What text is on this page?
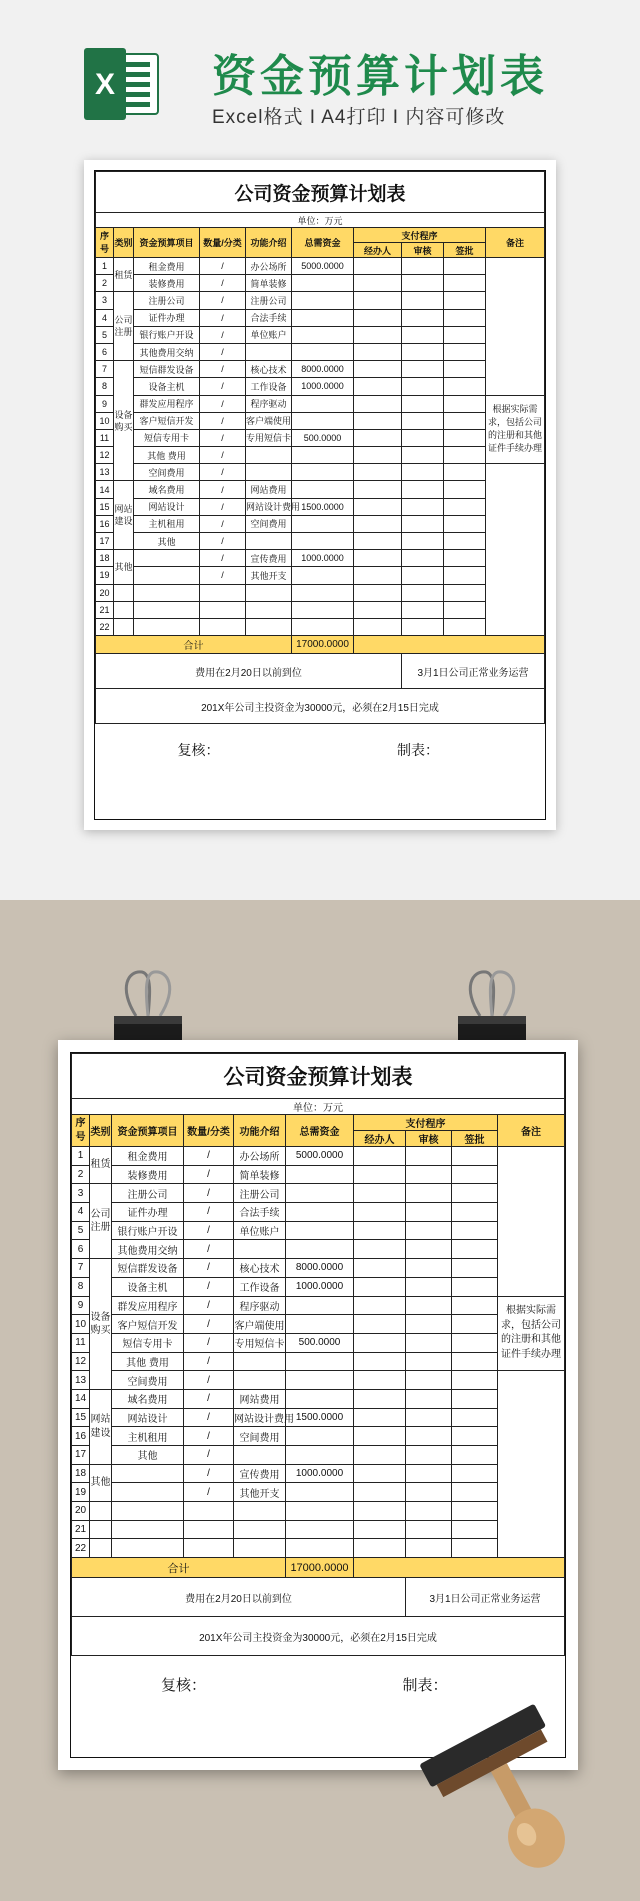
X 资金预算计划表
Excel格式 I A4打印 I 内容可修改
公司资金预算计划表									
单位：万元									
序号	类别	资金预算项目	数量/分类	功能介绍	总需资金	支付程序			备注
						经办人	审核	签批	
1	租赁	租金费用	/	办公场所	5000.0000				
2		装修费用	/	简单装修					
3	公司注册	注册公司	/	注册公司					
4		证件办理	/	合法手续					
5		银行账户开设	/	单位账户					
6		其他费用交纳	/						
7	设备购买	短信群发设备	/	核心技术	8000.0000				
8		设备主机	/	工作设备	1000.0000				
9		群发应用程序	/	程序驱动					根据实际需求，包括公司的注册和其他证件手续办理
10		客户短信开发	/	客户端使用					
11		短信专用卡	/	专用短信卡	500.0000				
12		其他 费用	/						
13		空间费用	/						
14	网站建设	域名费用	/	网站费用					
15		网站设计	/	网站设计费用	1500.0000				
16		主机租用	/	空间费用					
17		其他	/						
18	其他		/	宣传费用	1000.0000				
19			/	其他开支					
20									
21									
22									
合计					17000.0000				
费用在2月20日以前到位							3月1日公司正常业务运营		
201X年公司主投资金为30000元，必须在2月15日完成									
复核：					制表：				
公司资金预算计划表									
单位：万元									
序号	类别	资金预算项目	数量/分类	功能介绍	总需资金	支付程序			备注
						经办人	审核	签批	
1	租赁	租金费用	/	办公场所	5000.0000				
2		装修费用	/	简单装修					
3	公司注册	注册公司	/	注册公司					
4		证件办理	/	合法手续					
5		银行账户开设	/	单位账户					
6		其他费用交纳	/						
7	设备购买	短信群发设备	/	核心技术	8000.0000				
8		设备主机	/	工作设备	1000.0000				
9		群发应用程序	/	程序驱动					根据实际需求，包括公司的注册和其他证件手续办理
10		客户短信开发	/	客户端使用					
11		短信专用卡	/	专用短信卡	500.0000				
12		其他 费用	/						
13		空间费用	/						
14	网站建设	域名费用	/	网站费用					
15		网站设计	/	网站设计费用	1500.0000				
16		主机租用	/	空间费用					
17		其他	/						
18	其他		/	宣传费用	1000.0000				
19			/	其他开支					
20									
21									
22									
合计					17000.0000				
费用在2月20日以前到位							3月1日公司正常业务运营		
201X年公司主投资金为30000元，必须在2月15日完成									
复核：					制表：				
